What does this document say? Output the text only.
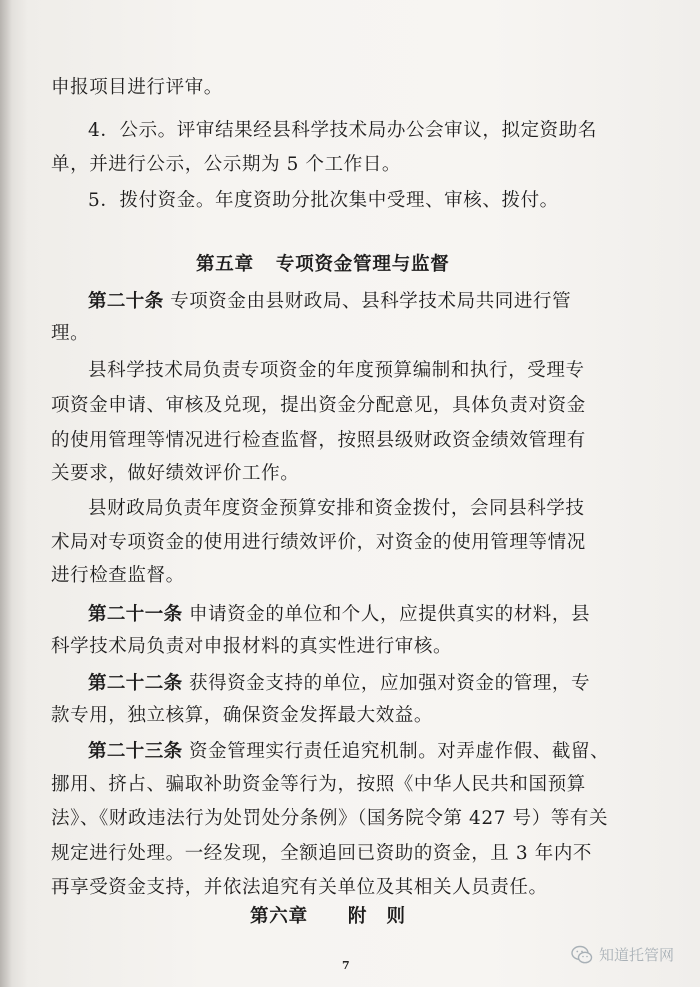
申报项目进行评审。
4．公示。评审结果经县科学技术局办公会审议，拟定资助名
单，并进行公示，公示期为 5 个工作日。
5．拨付资金。年度资助分批次集中受理、审核、拨付。
第五章 专项资金管理与监督
第二十条 专项资金由县财政局、县科学技术局共同进行管
理。
县科学技术局负责专项资金的年度预算编制和执行，受理专
项资金申请、审核及兑现，提出资金分配意见，具体负责对资金
的使用管理等情况进行检查监督，按照县级财政资金绩效管理有
关要求，做好绩效评价工作。
县财政局负责年度资金预算安排和资金拨付，会同县科学技
术局对专项资金的使用进行绩效评价，对资金的使用管理等情况
进行检查监督。
第二十一条 申请资金的单位和个人，应提供真实的材料，县
科学技术局负责对申报材料的真实性进行审核。
第二十二条 获得资金支持的单位，应加强对资金的管理，专
款专用，独立核算，确保资金发挥最大效益。
第二十三条 资金管理实行责任追究机制。对弄虚作假、截留、
挪用、挤占、骗取补助资金等行为，按照《中华人民共和国预算
法》、《财政违法行为处罚处分条例》（国务院令第 427 号）等有关
规定进行处理。一经发现，全额追回已资助的资金，且 3 年内不
再享受资金支持，并依法追究有关单位及其相关人员责任。
第六章 附　则
7
知道托管网
